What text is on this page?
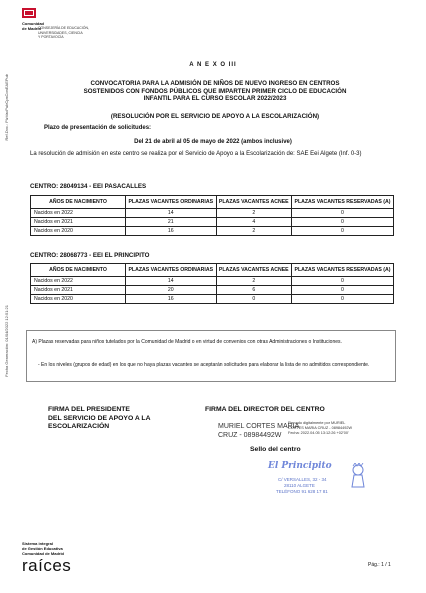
Comunidad
de Madrid
CONSEJERÍA DE EDUCACIÓN,
UNIVERSIDADES, CIENCIA
Y PORTAVOCÍA
Ref.Doc.: PlzVacPubCpsConEAEPub
Fecha Generación: 01/04/2022 12:51:21
A N E X O III
CONVOCATORIA PARA LA ADMISIÓN DE NIÑOS DE NUEVO INGRESO EN CENTROS
SOSTENIDOS CON FONDOS PÚBLICOS QUE IMPARTEN PRIMER CICLO DE EDUCACIÓN
INFANTIL PARA EL CURSO ESCOLAR 2022/2023
(RESOLUCIÓN POR EL SERVICIO DE APOYO A LA ESCOLARIZACIÓN)
Plazo de presentación de solicitudes:
Del 21 de abril al 05 de mayo de 2022 (ambos inclusive)
La resolución de admisión en este centro se realiza por el Servicio de Apoyo a la Escolarización de: SAE Eei Algete (Inf. 0-3)
CENTRO: 28049134 - EEI PASACALLES
AÑOS DE NACIMIENTO	PLAZAS VACANTES ORDINARIAS	PLAZAS VACANTES ACNEE	PLAZAS VACANTES RESERVADAS (A)
Nacidos en 2022	14	2	0
Nacidos en 2021	21	4	0
Nacidos en 2020	16	2	0
CENTRO: 28068773 - EEI EL PRINCIPITO
AÑOS DE NACIMIENTO	PLAZAS VACANTES ORDINARIAS	PLAZAS VACANTES ACNEE	PLAZAS VACANTES RESERVADAS (A)
Nacidos en 2022	14	2	0
Nacidos en 2021	20	6	0
Nacidos en 2020	16	0	0
A) Plazas reservadas para niños tutelados por la Comunidad de Madrid o en virtud de convenios con otras Administraciones o Instituciones.
- En los niveles (grupos de edad) en los que no haya plazas vacantes se aceptarán solicitudes para elaborar la lista de no admitidos correspondiente.
FIRMA DEL PRESIDENTE
DEL SERVICIO DE APOYO A LA
ESCOLARIZACIÓN
FIRMA DEL DIRECTOR DEL CENTRO
MURIEL CORTES MARIA
CRUZ - 08984492W
Firmado digitalmente por MURIEL
CORTES MARIA CRUZ - 08984492W
Fecha: 2022.04.05 13:12:26 +02'00'
Sello del centro
El Principito
C/ VERSALLES, 32 - 34
28110 ALGETE
TELÉFONO 91 628 17 81
Sistema integral
de Gestión Educativa
Comunidad de Madrid
raíces	Pág.: 1 / 1
